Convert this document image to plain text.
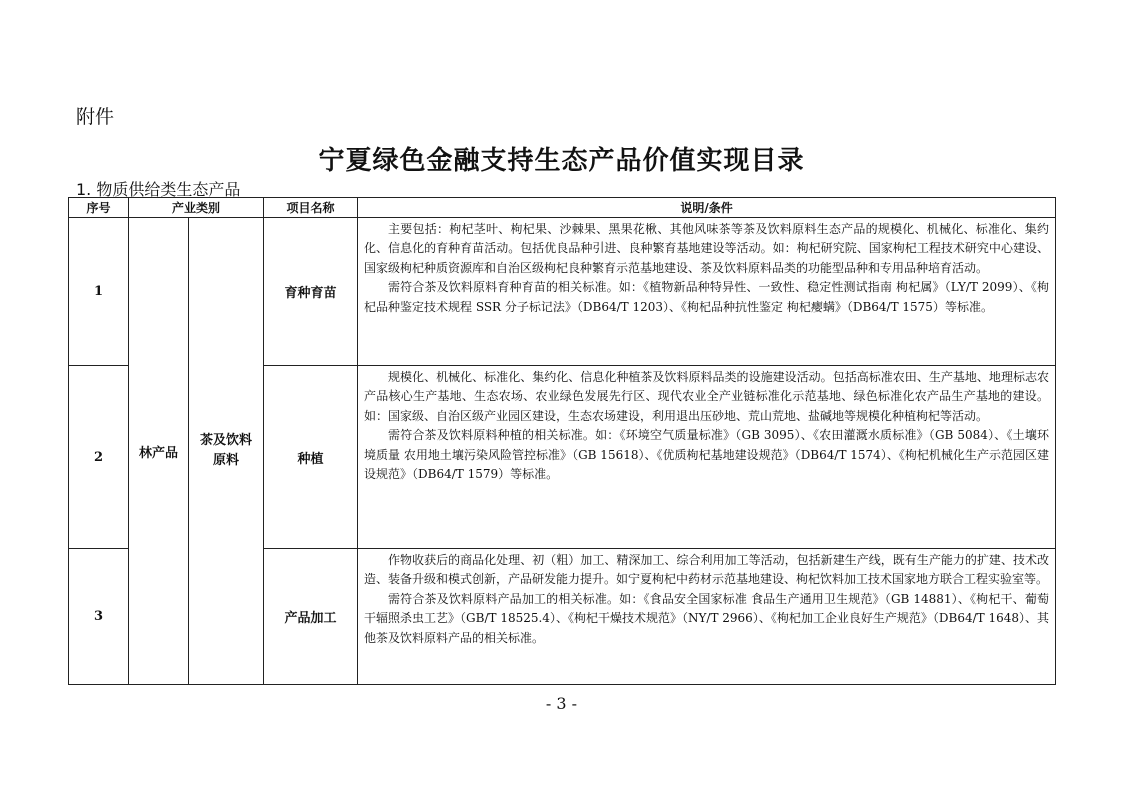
附件
宁夏绿色金融支持生态产品价值实现目录
1. 物质供给类生态产品
序号	产业类别		项目名称	说明/条件
1	林产品	茶及饮料原料	育种育苗	主要包括：枸杞茎叶、枸杞果、沙棘果、黑果花楸、其他风味茶等茶及饮料原料生态产品的规模化、机械化、标准化、集约化、信息化的育种育苗活动。包括优良品种引进、良种繁育基地建设等活动。如：枸杞研究院、国家枸杞工程技术研究中心建设、国家级枸杞种质资源库和自治区级枸杞良种繁育示范基地建设、茶及饮料原料品类的功能型品种和专用品种培育活动。

需符合茶及饮料原料育种育苗的相关标准。如：《植物新品种特异性、一致性、稳定性测试指南 枸杞属》（LY/T 2099）、《枸杞品种鉴定技术规程 SSR 分子标记法》（DB64/T 1203）、《枸杞品种抗性鉴定 枸杞瘿螨》（DB64/T 1575）等标准。

2			种植	规模化、机械化、标准化、集约化、信息化种植茶及饮料原料品类的设施建设活动。包括高标准农田、生产基地、地理标志农产品核心生产基地、生态农场、农业绿色发展先行区、现代农业全产业链标准化示范基地、绿色标准化农产品生产基地的建设。如：国家级、自治区级产业园区建设，生态农场建设，利用退出压砂地、荒山荒地、盐碱地等规模化种植枸杞等活动。

需符合茶及饮料原料种植的相关标准。如：《环境空气质量标准》（GB 3095）、《农田灌溉水质标准》（GB 5084）、《土壤环境质量 农用地土壤污染风险管控标准》（GB 15618）、《优质枸杞基地建设规范》（DB64/T 1574）、《枸杞机械化生产示范园区建设规范》（DB64/T 1579）等标准。

3			产品加工	作物收获后的商品化处理、初（粗）加工、精深加工、综合利用加工等活动，包括新建生产线，既有生产能力的扩建、技术改造、装备升级和模式创新，产品研发能力提升。如宁夏枸杞中药材示范基地建设、枸杞饮料加工技术国家地方联合工程实验室等。

需符合茶及饮料原料产品加工的相关标准。如：《食品安全国家标准 食品生产通用卫生规范》（GB 14881）、《枸杞干、葡萄干辐照杀虫工艺》（GB/T 18525.4）、《枸杞干燥技术规范》（NY/T 2966）、《枸杞加工企业良好生产规范》（DB64/T 1648）、其他茶及饮料原料产品的相关标准。

- 3 -
